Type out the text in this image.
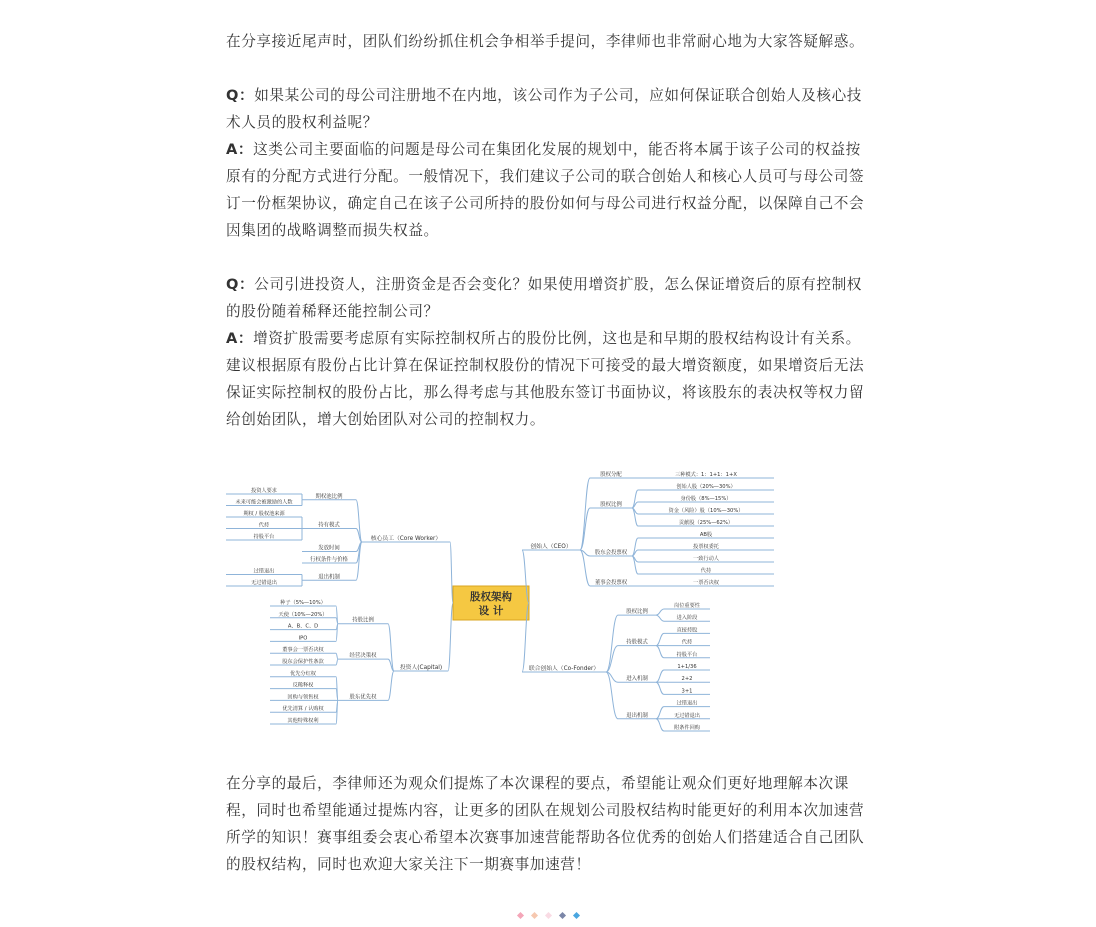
在分享接近尾声时，团队们纷纷抓住机会争相举手提问，李律师也非常耐心地为大家答疑解惑。

Q：如果某公司的母公司注册地不在内地，该公司作为子公司，应如何保证联合创始人及核心技术人员的股权利益呢？

A：这类公司主要面临的问题是母公司在集团化发展的规划中，能否将本属于该子公司的权益按原有的分配方式进行分配。一般情况下，我们建议子公司的联合创始人和核心人员可与母公司签订一份框架协议，确定自己在该子公司所持的股份如何与母公司进行权益分配，以保障自己不会因集团的战略调整而损失权益。

Q：公司引进投资人，注册资金是否会变化？如果使用增资扩股，怎么保证增资后的原有控制权的股份随着稀释还能控制公司？

A：增资扩股需要考虑原有实际控制权所占的股份比例，这也是和早期的股权结构设计有关系。建议根据原有股份占比计算在保证控制权股份的情况下可接受的最大增资额度，如果增资后无法保证实际控制权的股份占比，那么得考虑与其他股东签订书面协议，将该股东的表决权等权力留给创始团队，增大创始团队对公司的控制权力。

股权架构
设 计
核心员工（Core Worker）
期权池比例
投资人要求
未来可能会被激励的人数
持有模式
期权 / 股权池来源
代持
持股平台
发放时间
行权条件与价格
退出机制
过错退出
无过错退出
投资人(Capital)
持股比例
种子（5%—10%）
天使（10%—20%）
A、B、C、D
IPO
经营决策权
董事会一票否决权
股东会保护性条款
股东优先权
优先分红权
反稀释权
回购与领售权
优先清算 / 认购权
其他特殊权利
创始人（CEO）
股权分配	三种模式：1：1+1：1+X
股权比例
创始人股（20%—30%）
身份股（8%—15%）
资金（风险）股（10%—30%）
贡献股（25%—62%）
股东会投票权
AB股
投票权委托
一致行动人
代持
董事会投票权	一票否决权
联合创始人（Co-Fonder）
股权比例
岗位重要性
进入阶段
持股模式
直接持股
代持
持股平台
进入机制
1+1/36
2+2
3+1
退出机制
过错退出
无过错退出
附条件回购

在分享的最后，李律师还为观众们提炼了本次课程的要点，希望能让观众们更好地理解本次课程，同时也希望能通过提炼内容，让更多的团队在规划公司股权结构时能更好的利用本次加速营所学的知识！赛事组委会衷心希望本次赛事加速营能帮助各位优秀的创始人们搭建适合自己团队的股权结构，同时也欢迎大家关注下一期赛事加速营！
